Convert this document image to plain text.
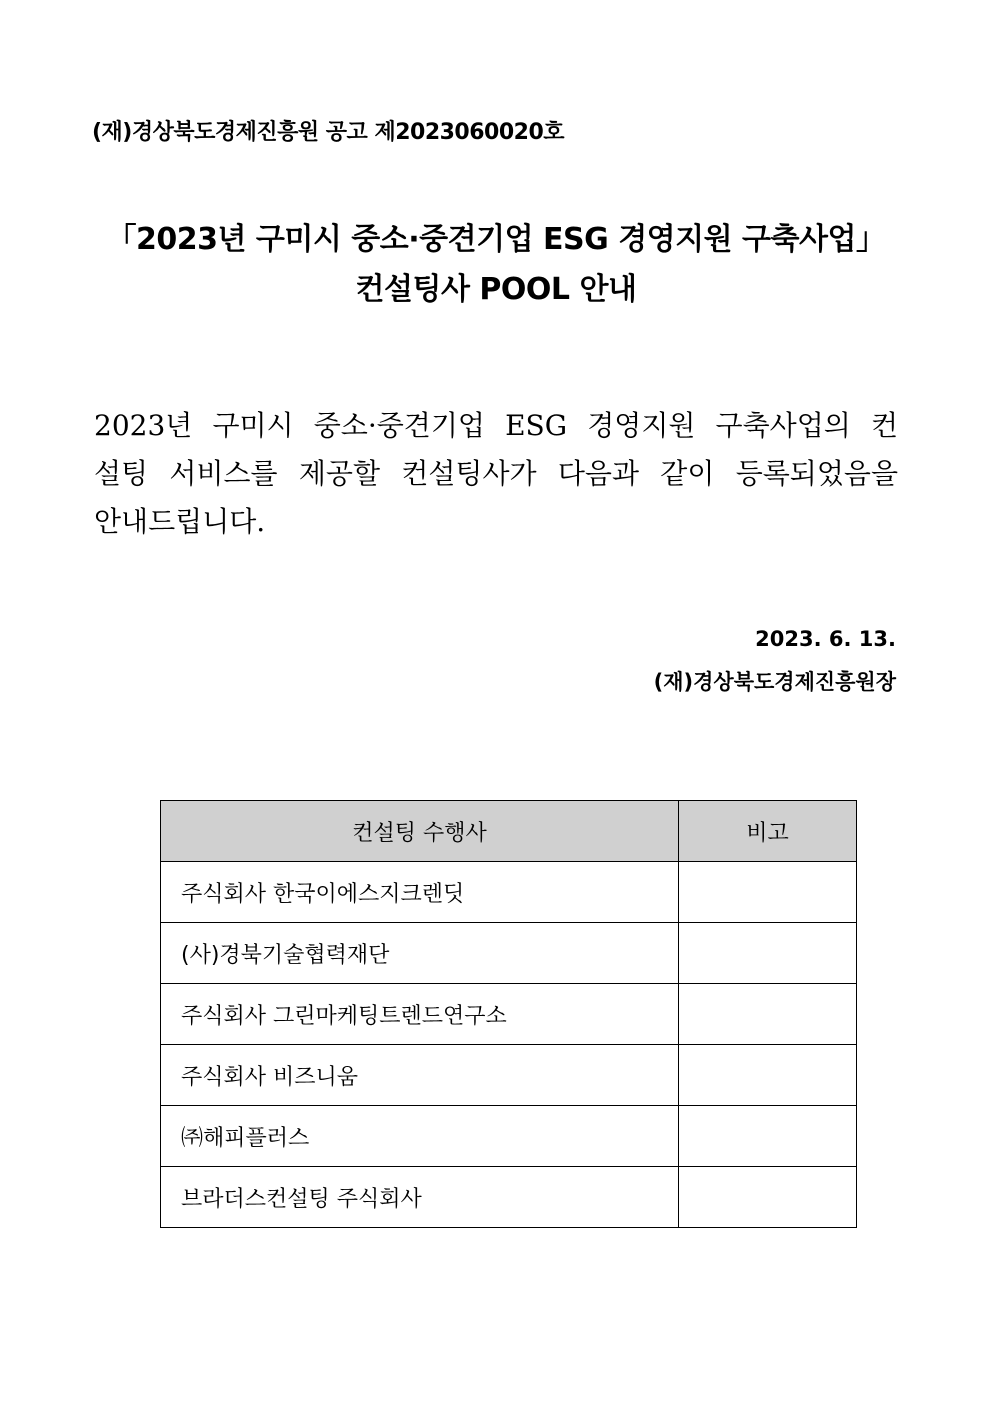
(재)경상북도경제진흥원 공고 제2023060020호
「2023년 구미시 중소·중견기업 ESG 경영지원 구축사업」
컨설팅사 POOL 안내
2023년 구미시 중소·중견기업 ESG 경영지원 구축사업의 컨설팅 서비스를 제공할 컨설팅사가 다음과 같이 등록되었음을 안내드립니다.
2023. 6. 13.
(재)경상북도경제진흥원장
컨설팅 수행사	비고
주식회사 한국이에스지크렌딧	
(사)경북기술협력재단	
주식회사 그린마케팅트렌드연구소	
주식회사 비즈니움	
㈜해피플러스	
브라더스컨설팅 주식회사	
